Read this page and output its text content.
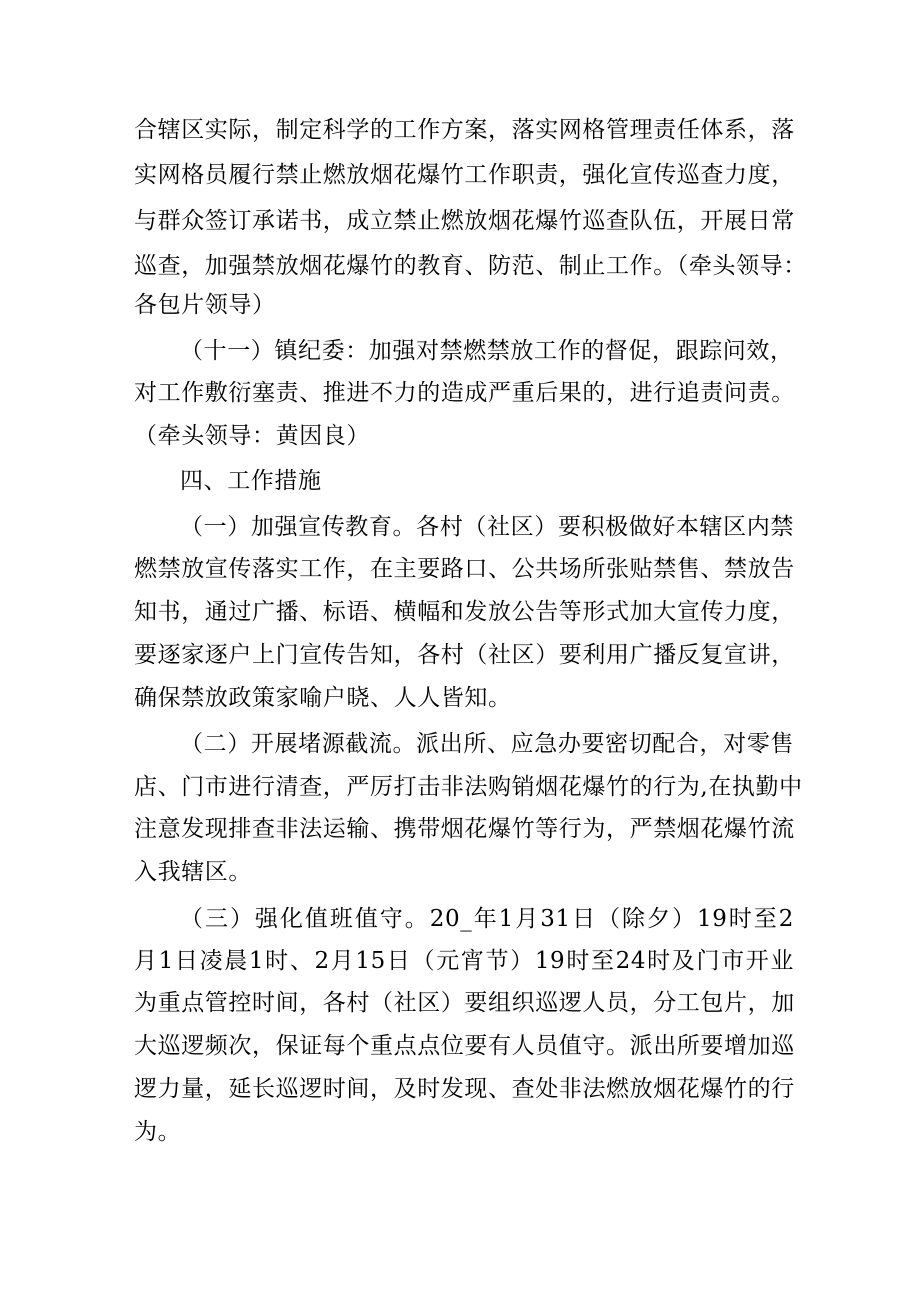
合辖区实际，制定科学的工作方案，落实网格管理责任体系，落
实网格员履行禁止燃放烟花爆竹工作职责，强化宣传巡查力度，
与群众签订承诺书，成立禁止燃放烟花爆竹巡查队伍，开展日常
巡查，加强禁放烟花爆竹的教育、防范、制止工作。（牵头领导：
各包片领导）
（十一）镇纪委：加强对禁燃禁放工作的督促，跟踪问效，
对工作敷衍塞责、推进不力的造成严重后果的，进行追责问责。
（牵头领导：黄因良）
四、工作措施
（一）加强宣传教育。各村（社区）要积极做好本辖区内禁
燃禁放宣传落实工作，在主要路口、公共场所张贴禁售、禁放告
知书，通过广播、标语、横幅和发放公告等形式加大宣传力度，
要逐家逐户上门宣传告知，各村（社区）要利用广播反复宣讲，
确保禁放政策家喻户晓、人人皆知。
（二）开展堵源截流。派出所、应急办要密切配合，对零售
店、门市进行清查，严厉打击非法购销烟花爆竹的行为,在执勤中
注意发现排查非法运输、携带烟花爆竹等行为，严禁烟花爆竹流
入我辖区。
（三）强化值班值守。20_年1月31日（除夕）19时至2
月1日凌晨1时、2月15日（元宵节）19时至24时及门市开业
为重点管控时间，各村（社区）要组织巡逻人员，分工包片，加
大巡逻频次，保证每个重点点位要有人员值守。派出所要增加巡
逻力量，延长巡逻时间，及时发现、查处非法燃放烟花爆竹的行
为。
